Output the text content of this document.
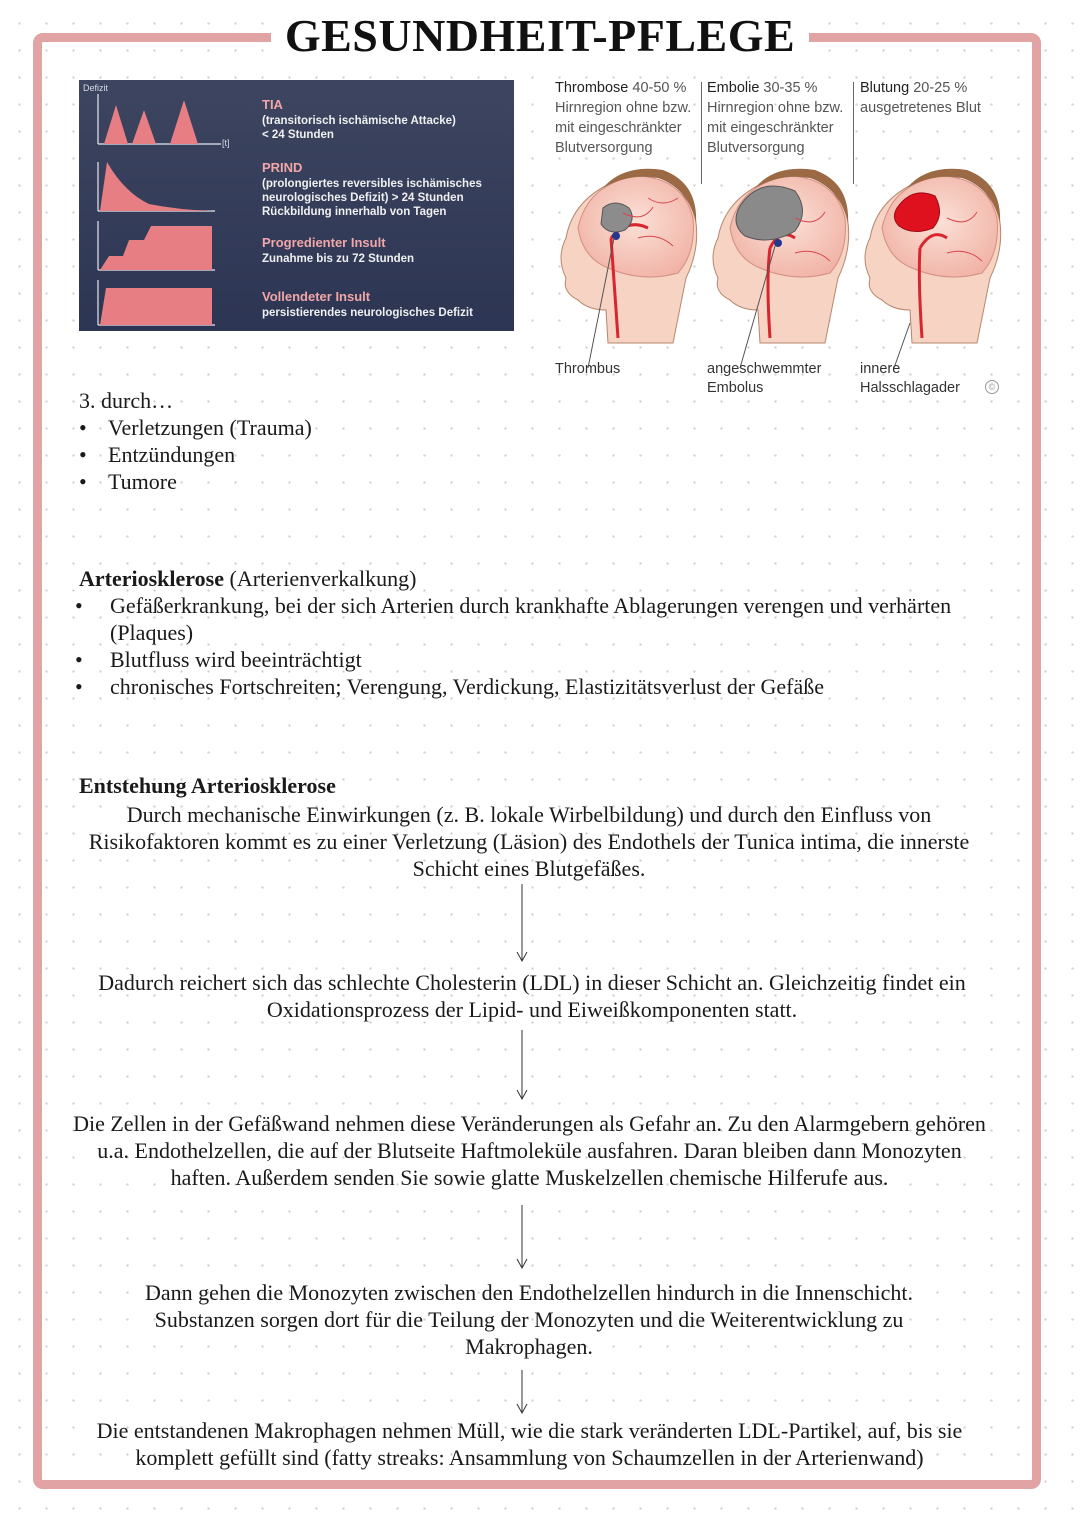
GESUNDHEIT-PFLEGE
Defizit
[t]
TIA
(transitorisch ischämische Attacke)
< 24 Stunden
PRIND
(prolongiertes reversibles ischämisches
neurologisches Defizit) > 24 Stunden
Rückbildung innerhalb von Tagen
Progredienter Insult
Zunahme bis zu 72 Stunden
Vollendeter Insult
persistierendes neurologisches Defizit
Thrombose 40-50 %
Hirnregion ohne bzw.
mit eingeschränkter
Blutversorgung
Embolie 30-35 %
Hirnregion ohne bzw.
mit eingeschränkter
Blutversorgung
Blutung 20-25 %
ausgetretenes Blut
Thrombus	angeschwemmter Embolus
innere Halsschlagader	©
3. durch…
• Verletzungen (Trauma)
• Entzündungen
• Tumore
Arteriosklerose (Arterienverkalkung)
• Gefäßerkrankung, bei der sich Arterien durch krankhafte Ablagerungen verengen und verhärten (Plaques)
• Blutfluss wird beeinträchtigt
• chronisches Fortschreiten; Verengung, Verdickung, Elastizitätsverlust der Gefäße
Entstehung Arteriosklerose
Durch mechanische Einwirkungen (z. B. lokale Wirbelbildung) und durch den Einfluss von Risikofaktoren kommt es zu einer Verletzung (Läsion) des Endothels der Tunica intima, die innerste Schicht eines Blutgefäßes.
Dadurch reichert sich das schlechte Cholesterin (LDL) in dieser Schicht an. Gleichzeitig findet ein Oxidationsprozess der Lipid- und Eiweißkomponenten statt.
Die Zellen in der Gefäßwand nehmen diese Veränderungen als Gefahr an. Zu den Alarmgebern gehören u.a. Endothelzellen, die auf der Blutseite Haftmoleküle ausfahren. Daran bleiben dann Monozyten haften. Außerdem senden Sie sowie glatte Muskelzellen chemische Hilferufe aus.
Dann gehen die Monozyten zwischen den Endothelzellen hindurch in die Innenschicht. Substanzen sorgen dort für die Teilung der Monozyten und die Weiterentwicklung zu Makrophagen.
Die entstandenen Makrophagen nehmen Müll, wie die stark veränderten LDL-Partikel, auf, bis sie komplett gefüllt sind (fatty streaks: Ansammlung von Schaumzellen in der Arterienwand)
